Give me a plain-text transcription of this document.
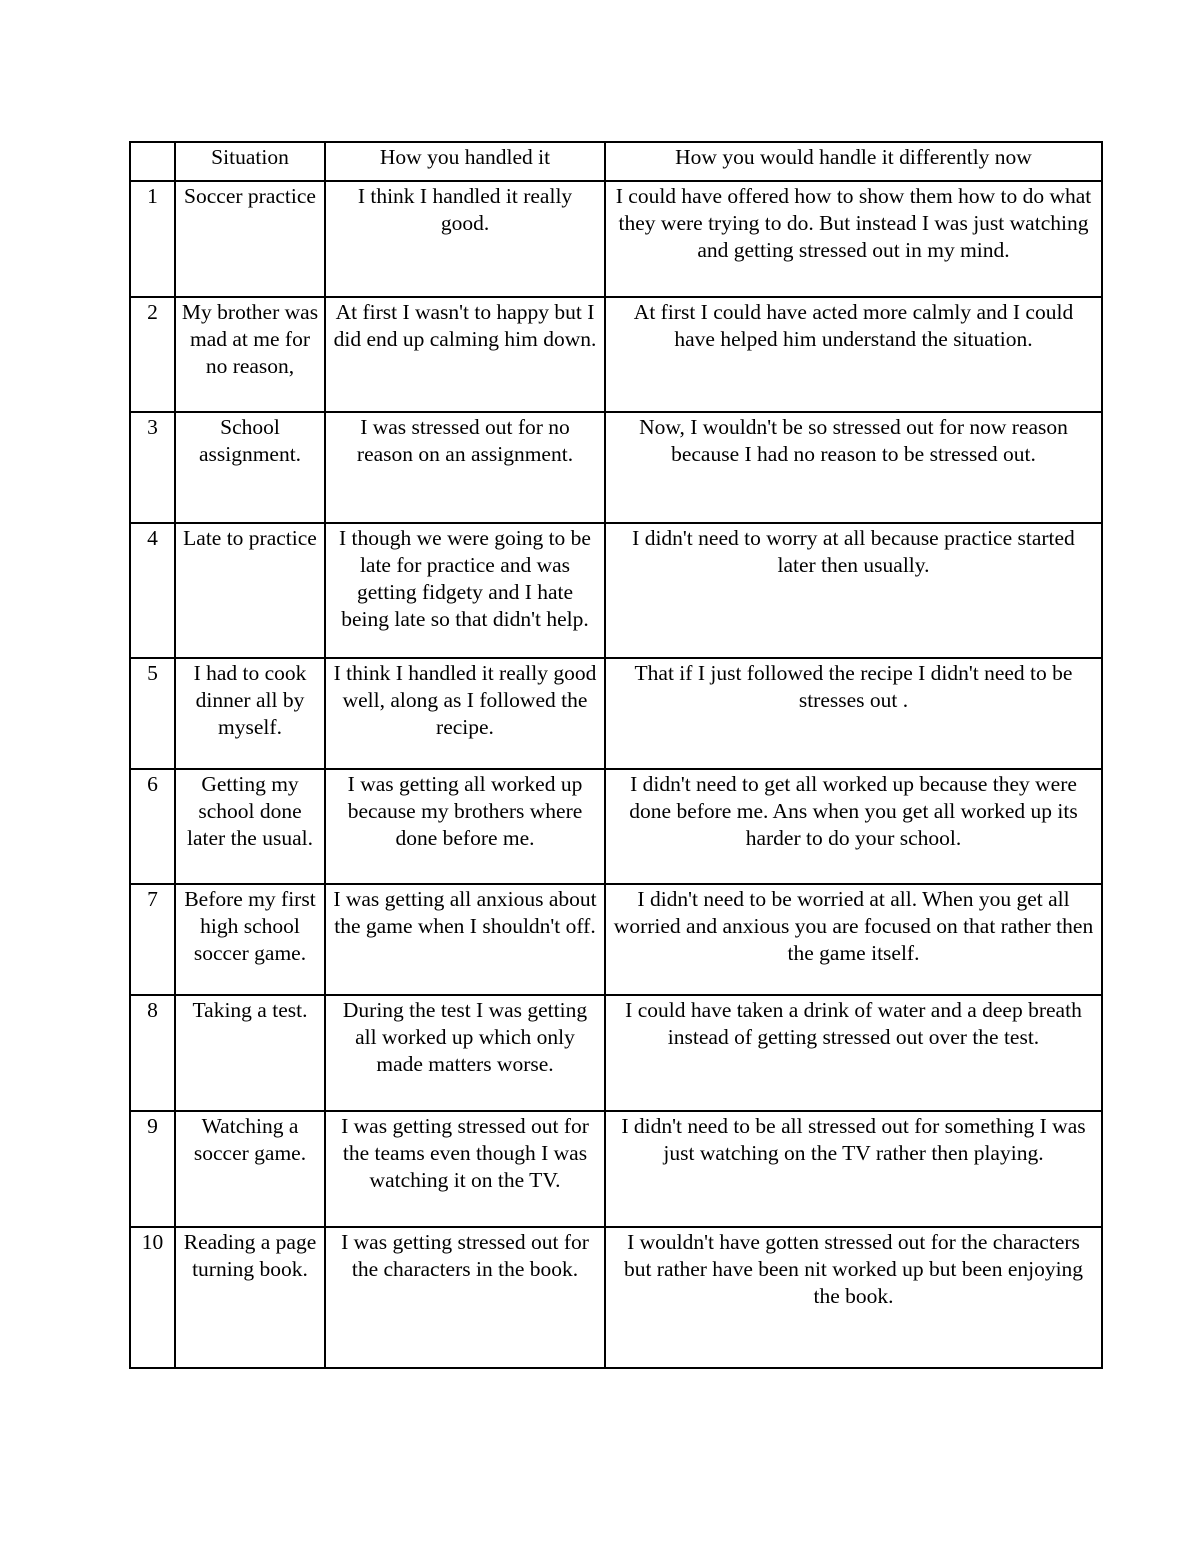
	Situation	How you handled it	How you would handle it differently now
1	Soccer practice	I think I handled it really good.	I could have offered how to show them how to do what they were trying to do. But instead I was just watching and getting stressed out in my mind.
2	My brother was mad at me for no reason,	At first I wasn't to happy but I did end up calming him down.	At first I could have acted more calmly and I could have helped him understand the situation.
3	School assignment.	I was stressed out for no reason on an assignment.	Now, I wouldn't be so stressed out for now reason because I had no reason to be stressed out.
4	Late to practice	I though we were going to be late for practice and was getting fidgety and I hate being late so that didn't help.	I didn't need to worry at all because practice started later then usually.
5	I had to cook dinner all by myself.	I think I handled it really good well, along as I followed the recipe.	That if I just followed the recipe I didn't need to be stresses out .
6	Getting my school done later the usual.	I was getting all worked up because my brothers where done before me.	I didn't need to get all worked up because they were done before me. Ans when you get all worked up its harder to do your school.
7	Before my first high school soccer game.	I was getting all anxious about the game when I shouldn't off.	I didn't need to be worried at all. When you get all worried and anxious you are focused on that rather then the game itself.
8	Taking a test.	During the test I was getting all worked up which only made matters worse.	I could have taken a drink of water and a deep breath instead of getting stressed out over the test.
9	Watching a soccer game.	I was getting stressed out for the teams even though I was watching it on the TV.	I didn't need to be all stressed out for something I was just watching on the TV rather then playing.
10	Reading a page turning book.	I was getting stressed out for the characters in the book.	I wouldn't have gotten stressed out for the characters but rather have been nit worked up but been enjoying the book.
